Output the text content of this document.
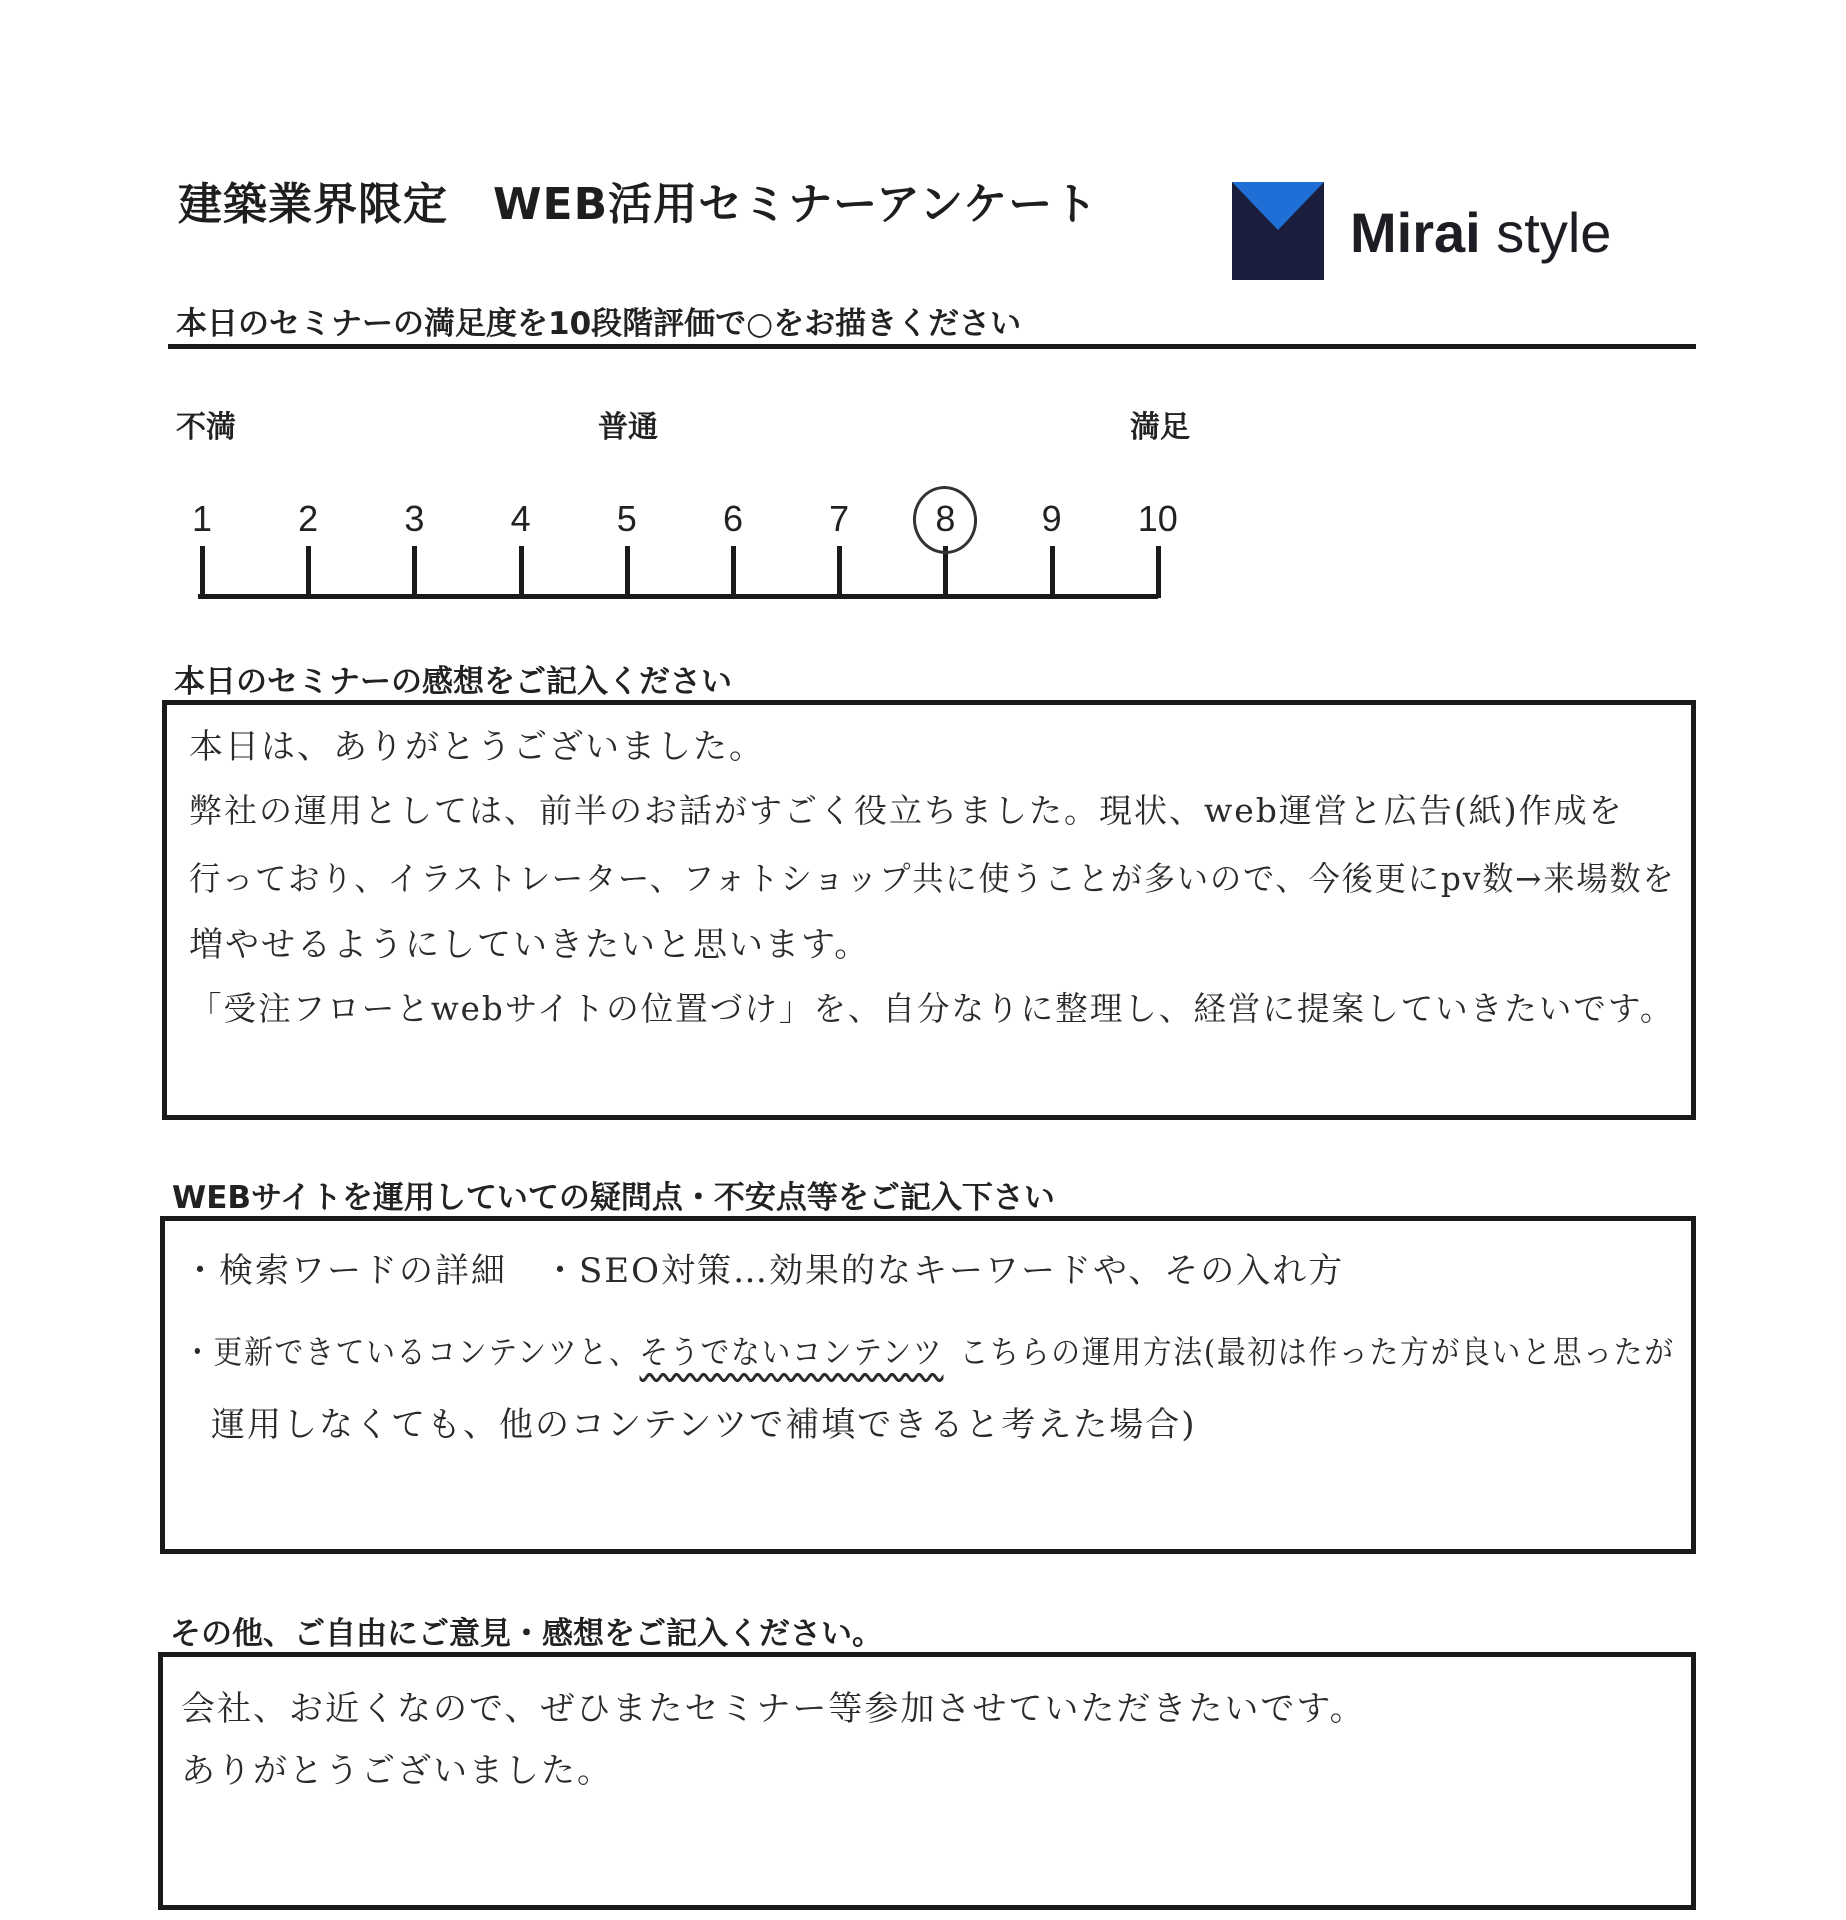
建築業界限定　WEB活用セミナーアンケート	Mirai style
本日のセミナーの満足度を10段階評価で○をお描きください
不満	普通	満足
1	2	3	4	5	6	7	8	9	10
本日のセミナーの感想をご記入ください
本日は、ありがとうございました。
弊社の運用としては、前半のお話がすごく役立ちました。現状、web運営と広告(紙)作成を
行っており、イラストレーター、フォトショップ共に使うことが多いので、今後更にpv数→来場数を
増やせるようにしていきたいと思います。
「受注フローとwebサイトの位置づけ」を、自分なりに整理し、経営に提案していきたいです。
WEBサイトを運用していての疑問点・不安点等をご記入下さい
・検索ワードの詳細　・SEO対策…効果的なキーワードや、その入れ方
・更新できているコンテンツと、そうでないコンテンツ こちらの運用方法(最初は作った方が良いと思ったが
運用しなくても、他のコンテンツで補填できると考えた場合)
その他、ご自由にご意見・感想をご記入ください。
会社、お近くなので、ぜひまたセミナー等参加させていただきたいです。
ありがとうございました。
